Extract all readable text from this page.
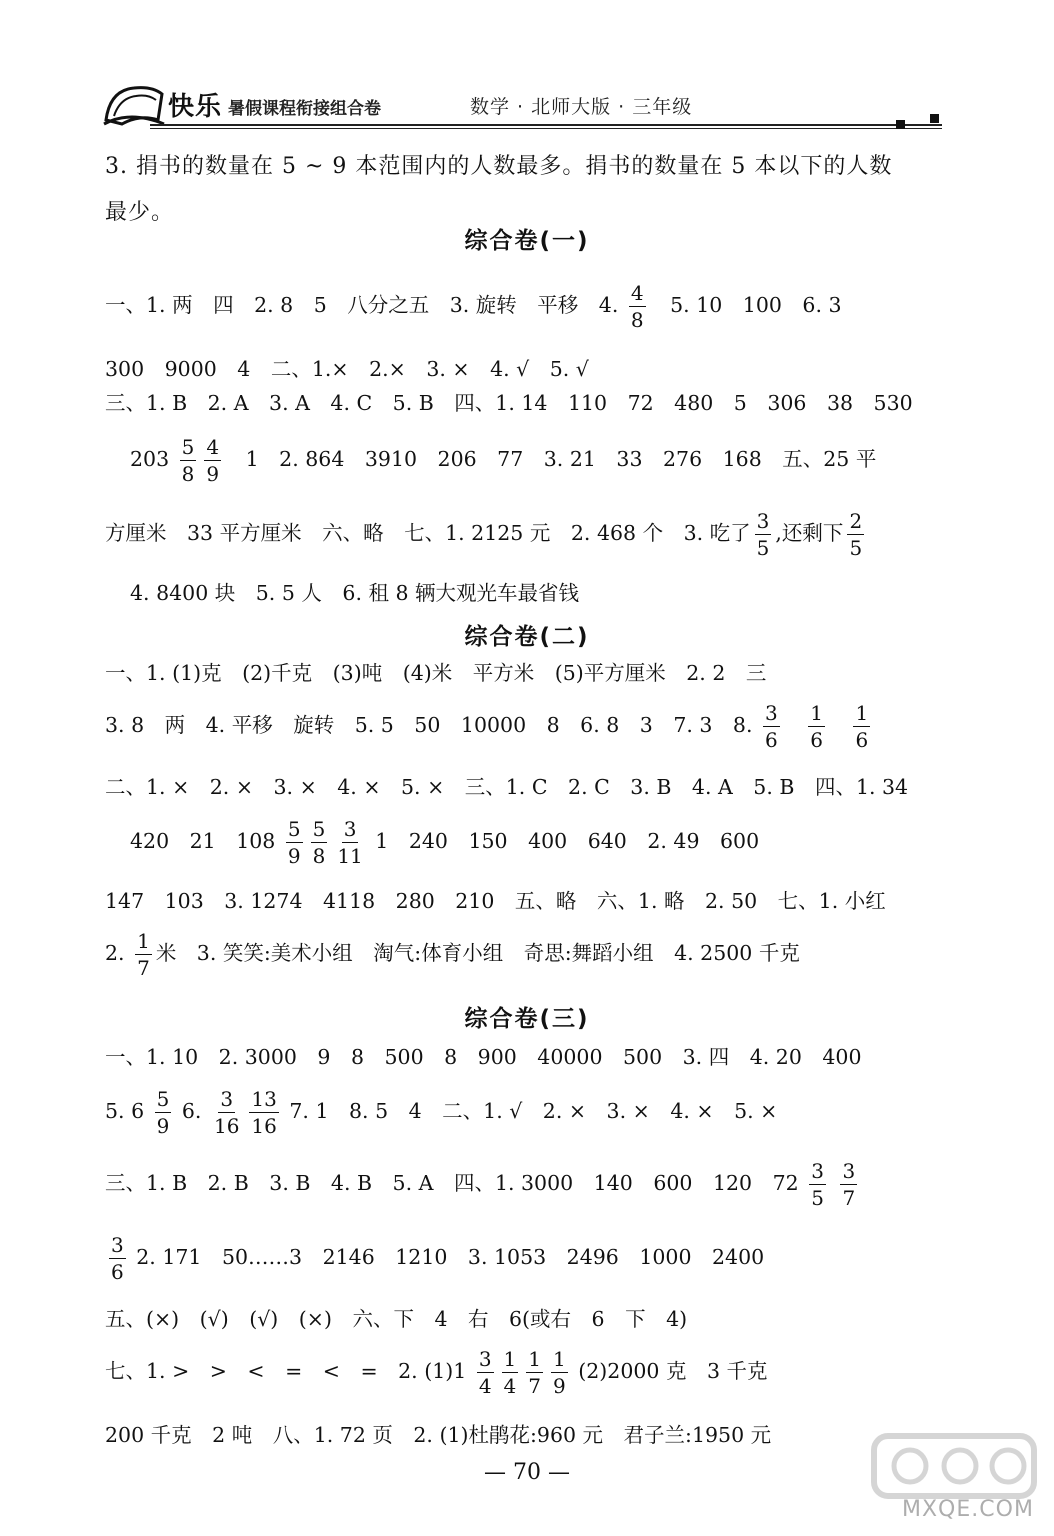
快乐 暑假课程衔接组合卷	数学 · 北师大版 · 三年级
3. 捐书的数量在 5 ~ 9 本范围内的人数最多。捐书的数量在 5 本以下的人数
最少。
综合卷(一)
一、1. 两　四　2. 8　5　八分之五　3. 旋转　平移　4. $\frac{4}{8}$ 　5. 10　100　6. 3
300　9000　4　二、1.×　2.×　3. ×　4. √　5. √
三、1. B　2. A　3. A　4. C　5. B　四、1. 14　110　72　480　5　306　38　530
$203 \frac{5}{8} \frac{4}{9}$ 　1　2. 864　3910　206　77　3. 21　33　276　168　五、25 平
方厘米　33 平方厘米　六、略　七、1. 2125 元　2. 468 个　3. 吃了 $\frac{3}{5}$ ,还剩下 $\frac{2}{5}$
4. 8400 块　5. 5 人　6. 租 8 辆大观光车最省钱
综合卷(二)
一、1. (1)克　(2)千克　(3)吨　(4)米　平方米　(5)平方厘米　2. 2　三
3. 8　两　4. 平移　旋转　5. 5　50　10000　8　6. 8　3　7. 3　8. $\frac{3}{6}$
　 $\frac{1}{6}$
　 $\frac{1}{6}$
二、1. ×　2. ×　3. ×　4. ×　5. ×　三、1. C　2. C　3. B　4. A　5. B　四、1. 34
420　21　$108 \frac{5}{9} \frac{5}{8} \frac{3}{11} 1$　240　150　400　640　2. 49　600
147　103　3. 1274　4118　280　210　五、略　六、1. 略　2. 50　七、1. 小红
2. $\frac{1}{7}$ 米　3. 笑笑:美术小组　淘气:体育小组　奇思:舞蹈小组　4. 2500 千克
综合卷(三)
一、1. 10　2. 3000　9　8　500　8　900　40000　500　3. 四　4. 20　400
5. $6 \frac{5}{9} 6$. $\frac{3}{16} \frac{13}{16} 7$. 1　8. 5　4　二、1. √　2. ×　3. ×　4. ×　5. ×
三、1. B　2. B　3. B　4. B　5. A　四、1. 3000　140　600　120　$72 \frac{3}{5}$
$\frac{3}{7}$
$\frac{3}{6} 2$. 171　50……3　2146　1210　3. 1053　2496　1000　2400
五、(×)　(√)　(√)　(×)　六、下　4　右　6(或右　6　下　4)
七、1. >　>　<　=　<　=　2. $(1)1 \frac{3}{4} \frac{1}{4} \frac{1}{7} \frac{1}{9} (2)2000$ 克　3 千克
200 千克　2 吨　八、1. 72 页　2. (1)杜鹃花:960 元　君子兰:1950 元
— 70 —
MXQE.COM
